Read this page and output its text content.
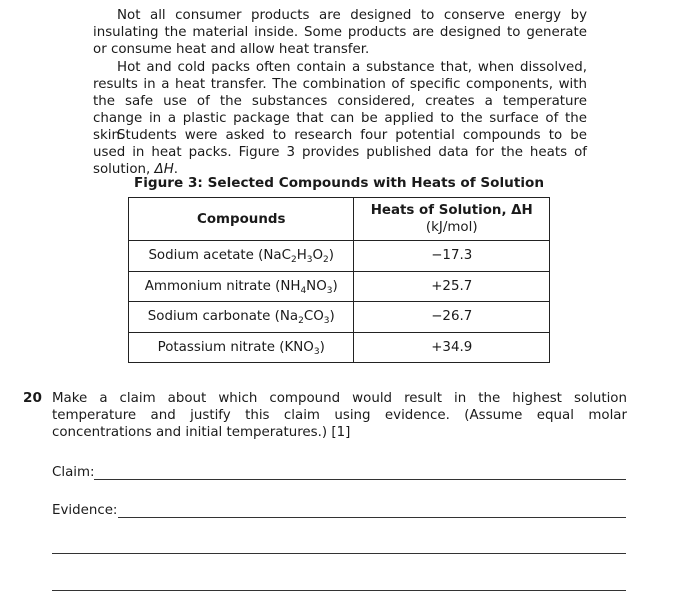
Not all consumer products are designed to conserve energy by insulating the material inside. Some products are designed to generate or consume heat and allow heat transfer.

Hot and cold packs often contain a substance that, when dissolved, results in a heat transfer. The combination of specific components, with the safe use of the substances considered, creates a temperature change in a plastic package that can be applied to the surface of the skin.

Students were asked to research four potential compounds to be used in heat packs. Figure 3 provides published data for the heats of solution, ΔH.

Figure 3: Selected Compounds with Heats of Solution

Compounds	Heats of Solution, ΔH
(kJ/mol)
Sodium acetate $(NaC_2H_3O_2)$	−17.3
Ammonium nitrate $(NH_4NO_3)$	+25.7
Sodium carbonate $(Na_2CO_3)$	−26.7
Potassium nitrate $(KNO_3)$	+34.9

20 Make a claim about which compound would result in the highest solution temperature and justify this claim using evidence. (Assume equal molar concentrations and initial temperatures.) [1]

Claim:

Evidence:
